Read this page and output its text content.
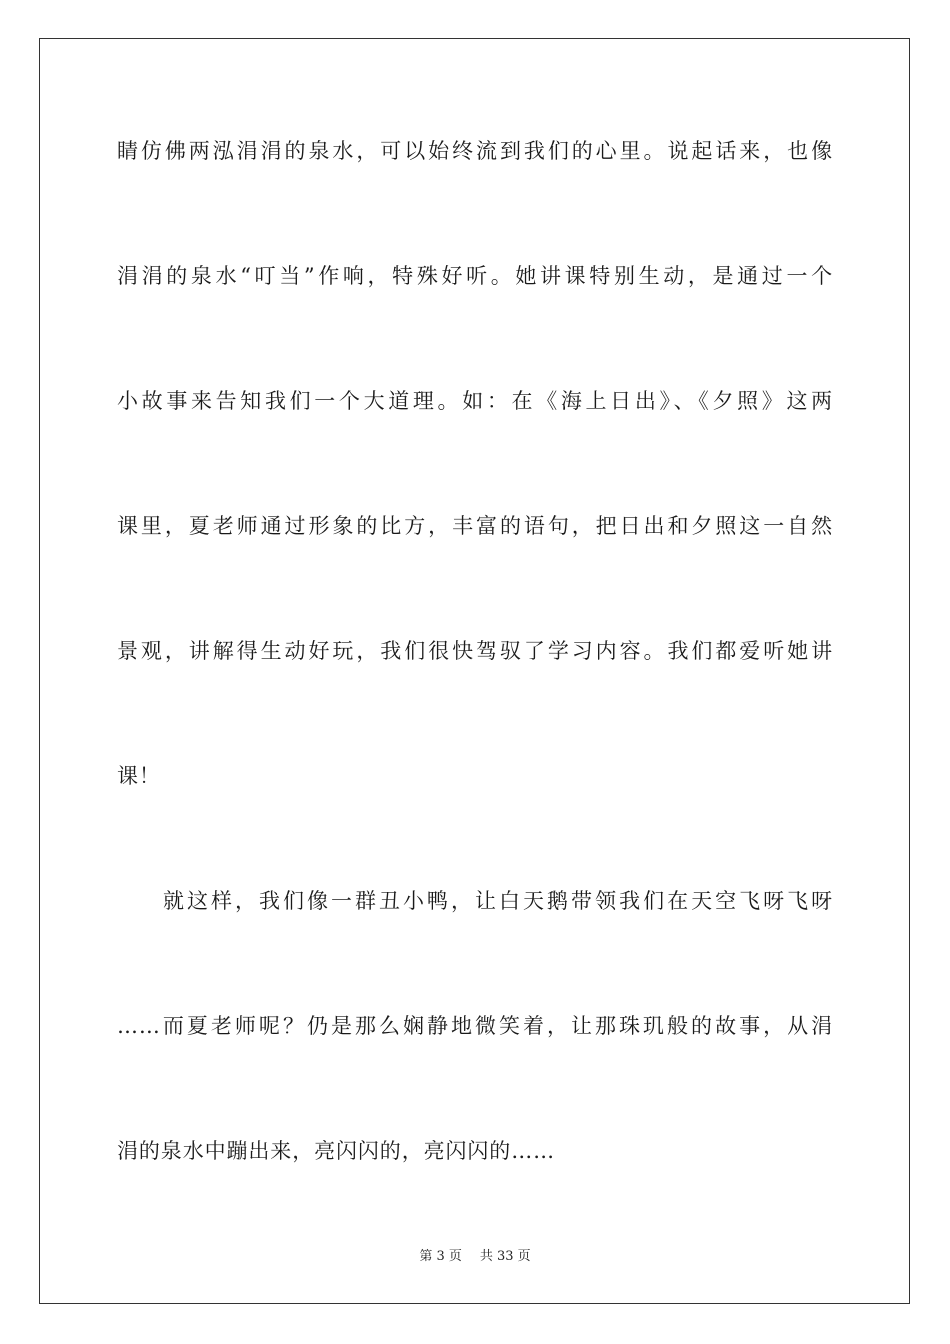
睛仿佛两泓涓涓的泉水，可以始终流到我们的心里。说起话来，也像
涓涓的泉水“叮当”作响，特殊好听。她讲课特别生动，是通过一个
小故事来告知我们一个大道理。如：在《海上日出》、《夕照》这两
课里，夏老师通过形象的比方，丰富的语句，把日出和夕照这一自然
景观，讲解得生动好玩，我们很快驾驭了学习内容。我们都爱听她讲
课！
就这样，我们像一群丑小鸭，让白天鹅带领我们在天空飞呀飞呀
……而夏老师呢？仍是那么娴静地微笑着，让那珠玑般的故事，从涓
涓的泉水中蹦出来，亮闪闪的，亮闪闪的……
第 3 页 共 33 页
